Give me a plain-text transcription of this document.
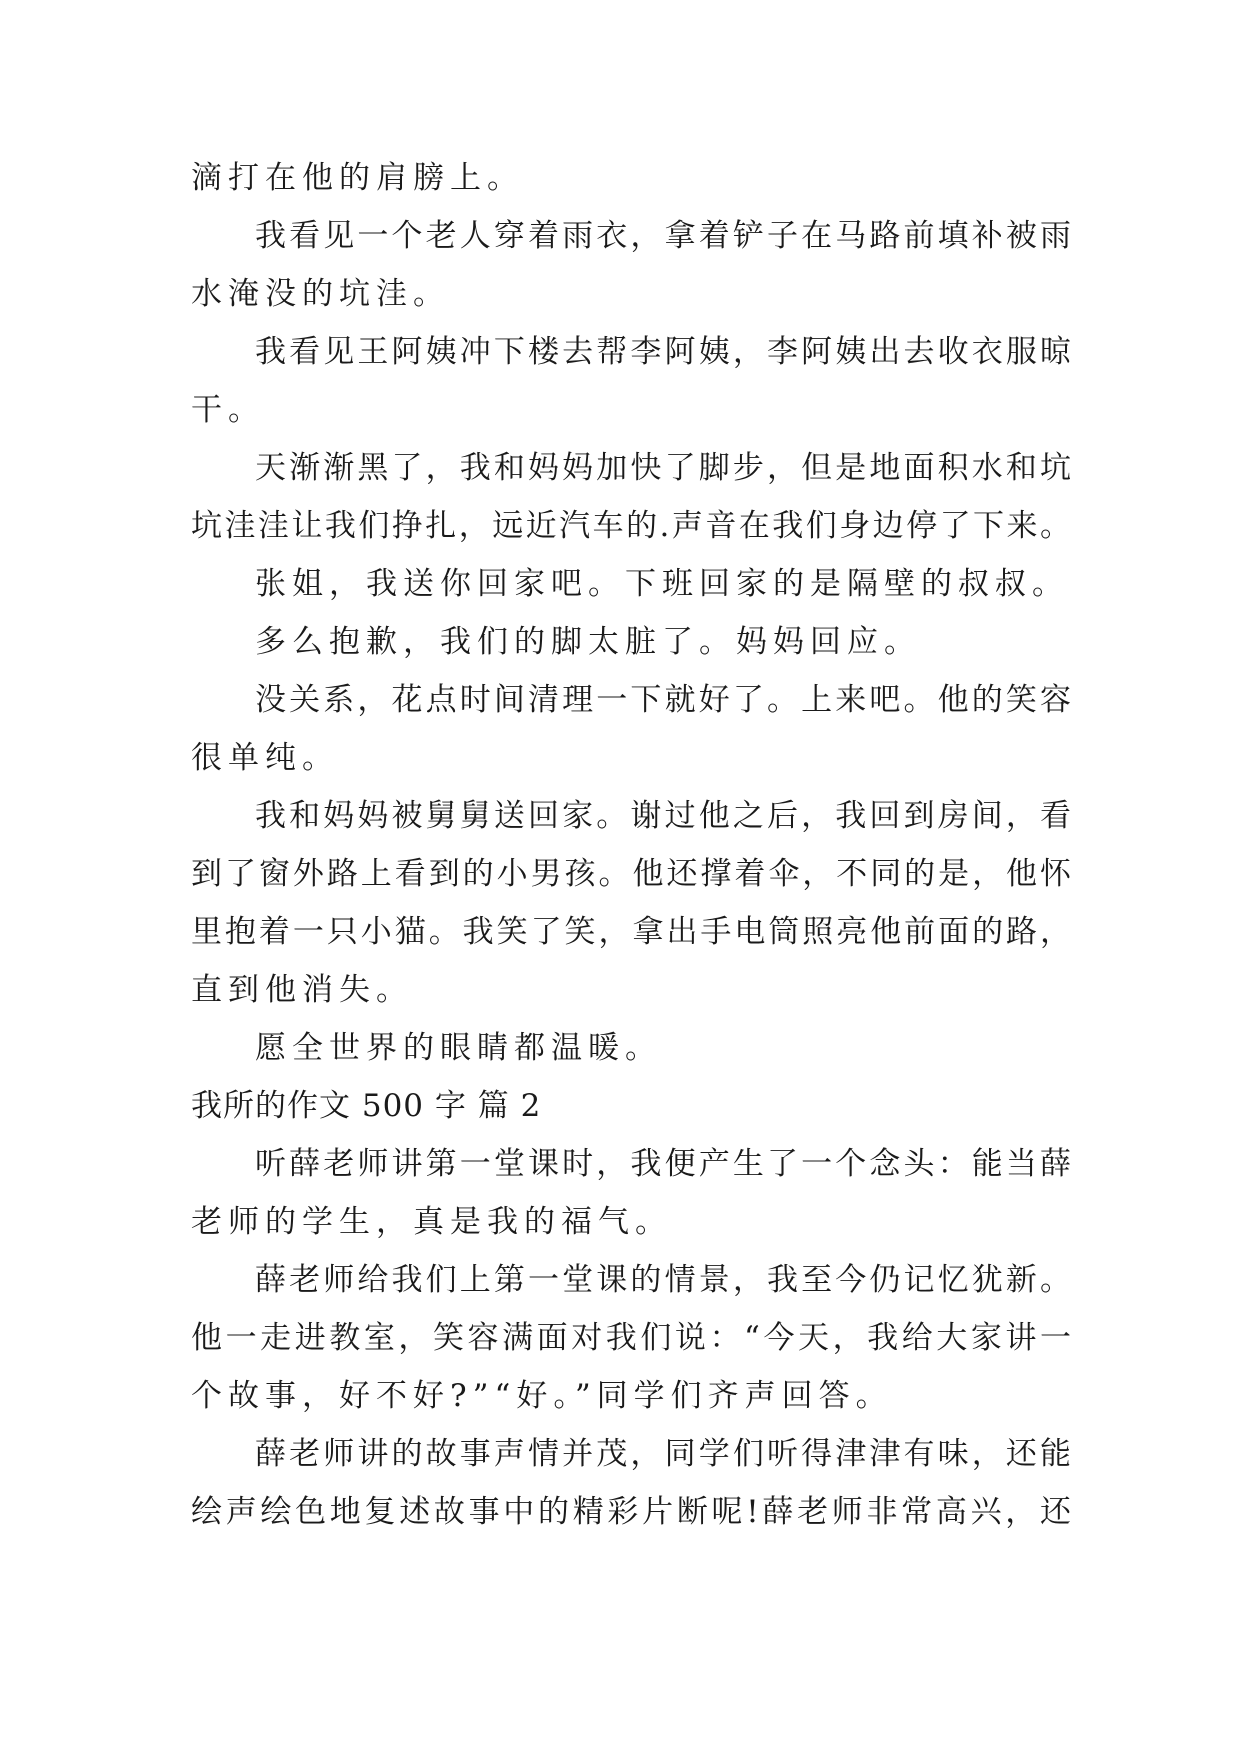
滴打在他的肩膀上。
我看见一个老人穿着雨衣，拿着铲子在马路前填补被雨
水淹没的坑洼。
我看见王阿姨冲下楼去帮李阿姨，李阿姨出去收衣服晾
干。
天渐渐黑了，我和妈妈加快了脚步，但是地面积水和坑
坑洼洼让我们挣扎，远近汽车的.声音在我们身边停了下来。
张姐，我送你回家吧。下班回家的是隔壁的叔叔。
多么抱歉，我们的脚太脏了。妈妈回应。
没关系，花点时间清理一下就好了。上来吧。他的笑容
很单纯。
我和妈妈被舅舅送回家。谢过他之后，我回到房间，看
到了窗外路上看到的小男孩。他还撑着伞，不同的是，他怀
里抱着一只小猫。我笑了笑，拿出手电筒照亮他前面的路，
直到他消失。
愿全世界的眼睛都温暖。
我所的作文 500 字 篇 2
听薛老师讲第一堂课时，我便产生了一个念头：能当薛
老师的学生，真是我的福气。
薛老师给我们上第一堂课的情景，我至今仍记忆犹新。
他一走进教室，笑容满面对我们说：“今天，我给大家讲一
个故事，好不好?”“好。”同学们齐声回答。
薛老师讲的故事声情并茂，同学们听得津津有味，还能
绘声绘色地复述故事中的精彩片断呢!薛老师非常高兴，还
